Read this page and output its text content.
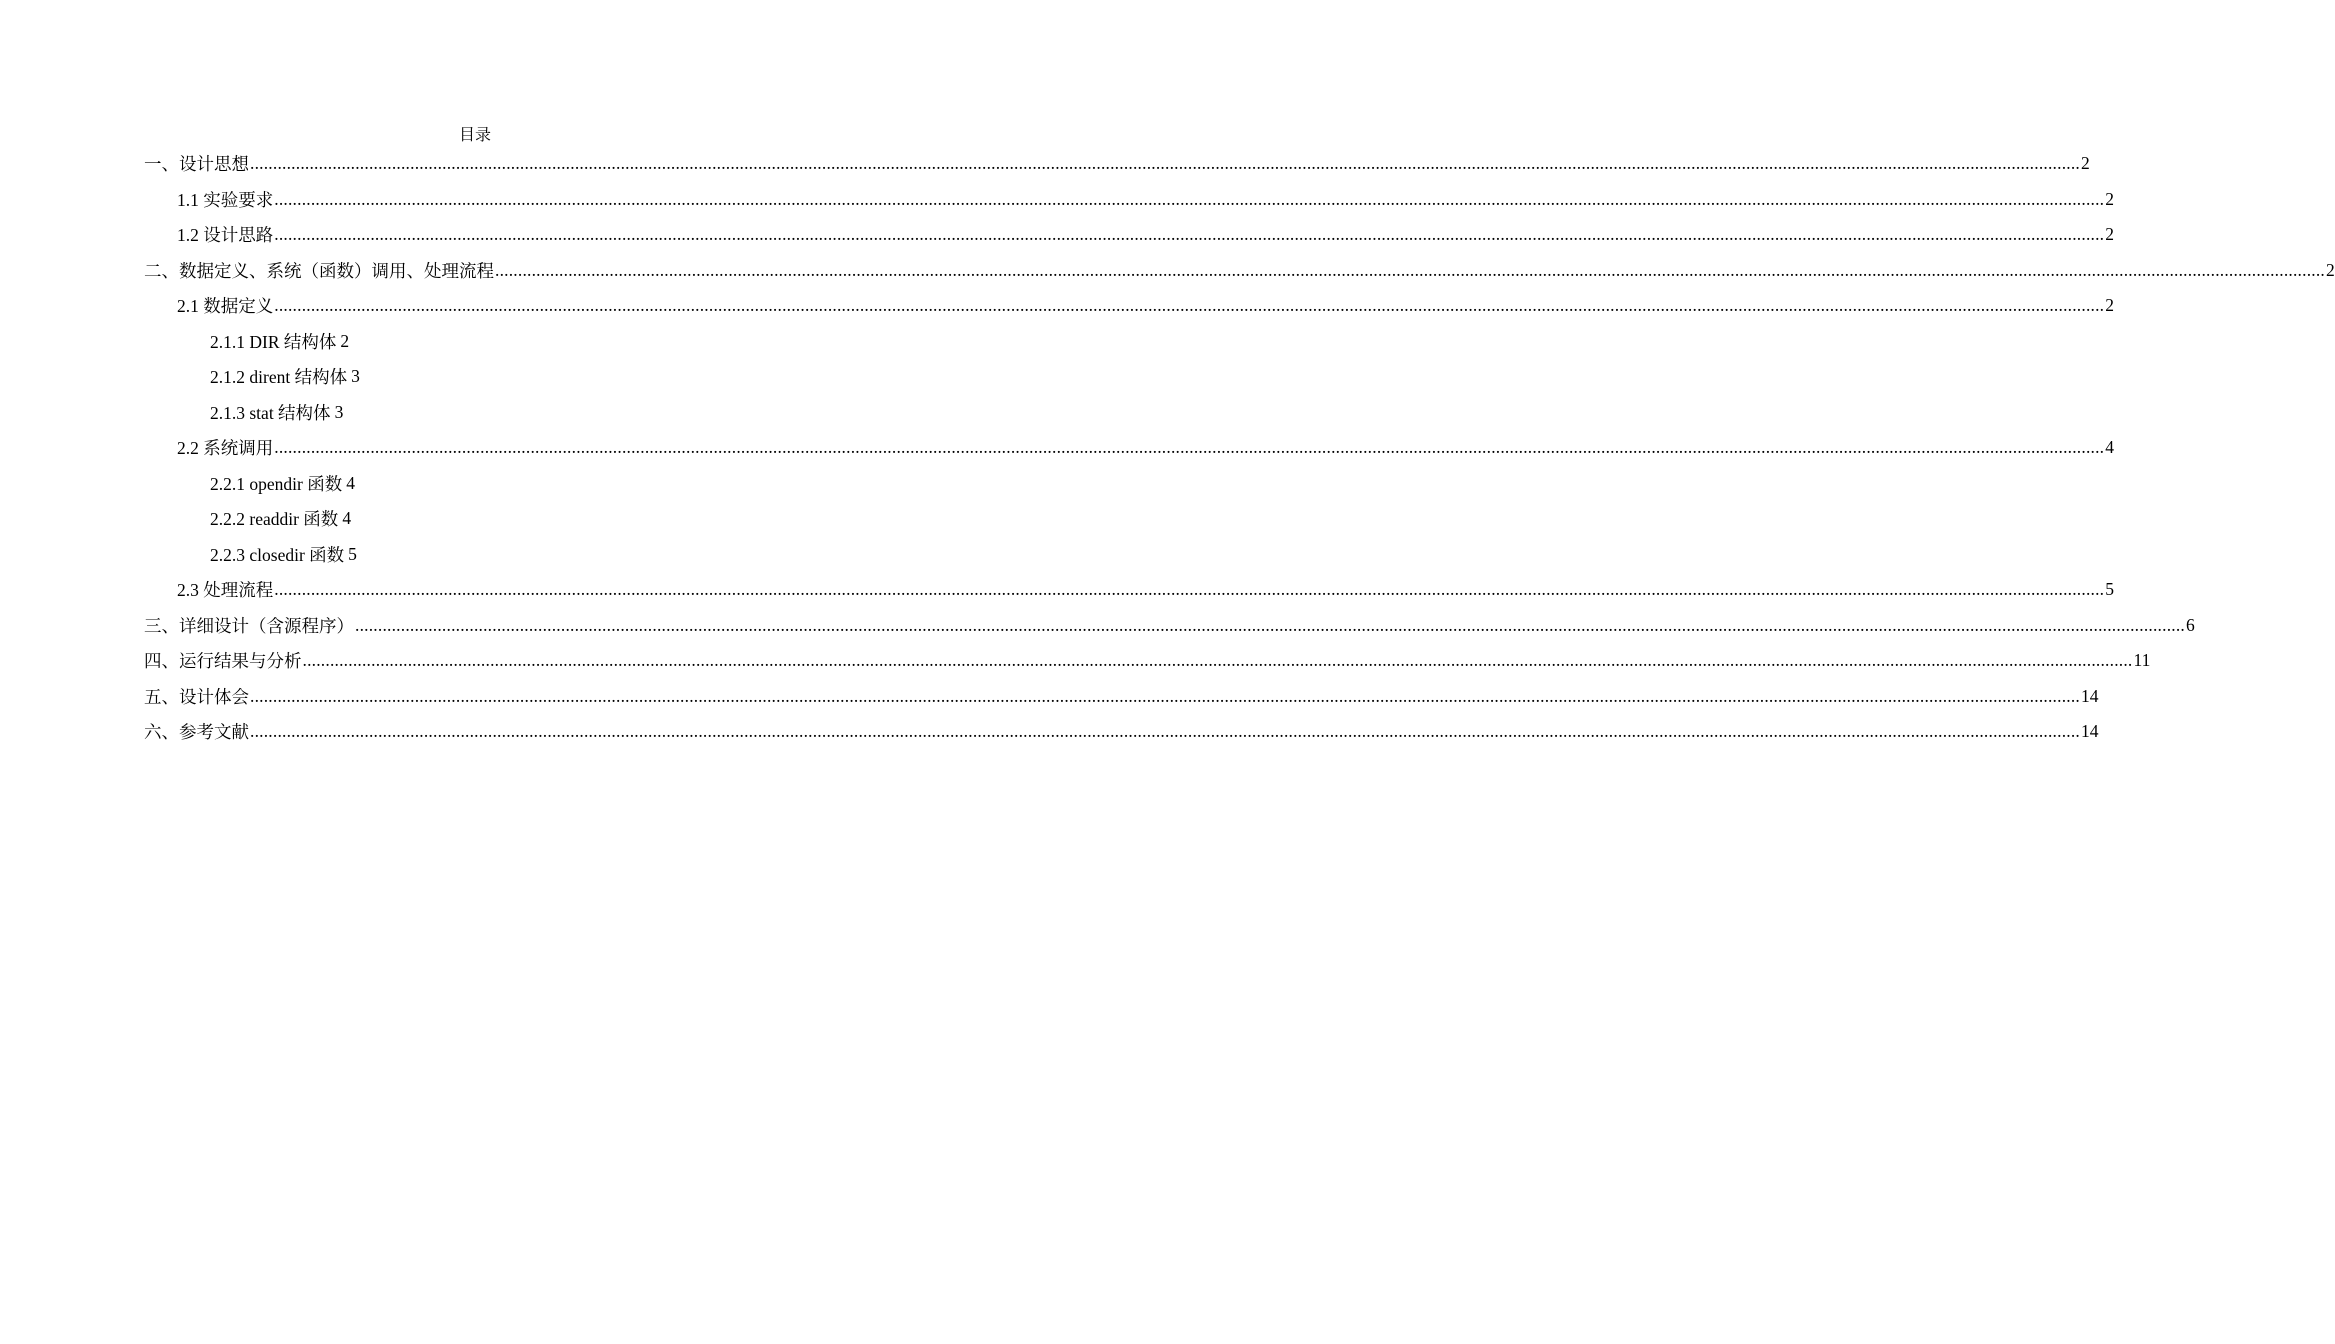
目录
一、设计思想 ................................................................................................................................................................................................................................................................................................................................................................................................................ 2
1.1 实验要求 ................................................................................................................................................................................................................................................................................................................................................................................................................ 2
1.2 设计思路 ................................................................................................................................................................................................................................................................................................................................................................................................................ 2
二、数据定义、系统（函数）调用、处理流程 ................................................................................................................................................................................................................................................................................................................................................................................................................ 2
2.1 数据定义 ................................................................................................................................................................................................................................................................................................................................................................................................................ 2
2.1.1 DIR 结构体 2
2.1.2 dirent 结构体 3
2.1.3 stat 结构体 3
2.2 系统调用 ................................................................................................................................................................................................................................................................................................................................................................................................................ 4
2.2.1 opendir 函数 4
2.2.2 readdir 函数 4
2.2.3 closedir 函数 5
2.3 处理流程 ................................................................................................................................................................................................................................................................................................................................................................................................................ 5
三、详细设计（含源程序） ................................................................................................................................................................................................................................................................................................................................................................................................................ 6
四、运行结果与分析 ................................................................................................................................................................................................................................................................................................................................................................................................................ 11
五、设计体会 ................................................................................................................................................................................................................................................................................................................................................................................................................ 14
六、参考文献 ................................................................................................................................................................................................................................................................................................................................................................................................................ 14
